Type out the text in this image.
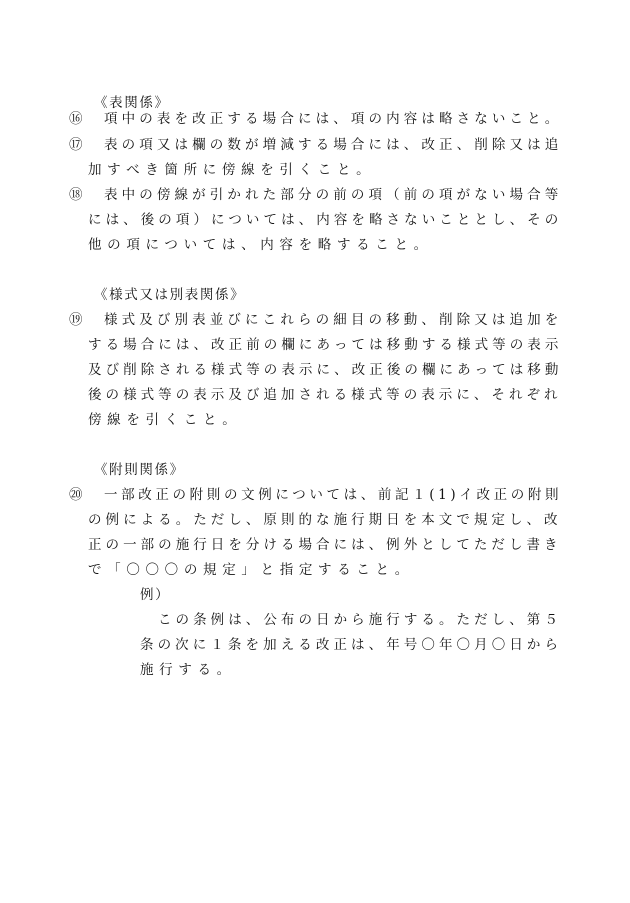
《表関係》
⑯ 項中の表を改正する場合には、項の内容は略さないこと。
⑰ 表の項又は欄の数が増減する場合には、改正、削除又は追
加すべき箇所に傍線を引くこと。
⑱ 表中の傍線が引かれた部分の前の項（前の項がない場合等
には、後の項）については、内容を略さないこととし、その
他の項については、内容を略すること。
《様式又は別表関係》
⑲ 様式及び別表並びにこれらの細目の移動、削除又は追加を
する場合には、改正前の欄にあっては移動する様式等の表示
及び削除される様式等の表示に、改正後の欄にあっては移動
後の様式等の表示及び追加される様式等の表示に、それぞれ
傍線を引くこと。
《附則関係》
⑳ 一部改正の附則の文例については、前記１(1)イ改正の附則
の例による。ただし、原則的な施行期日を本文で規定し、改
正の一部の施行日を分ける場合には、例外としてただし書き
で「〇〇〇の規定」と指定すること。
例）
この条例は、公布の日から施行する。ただし、第５
条の次に１条を加える改正は、年号〇年〇月〇日から
施行する。
